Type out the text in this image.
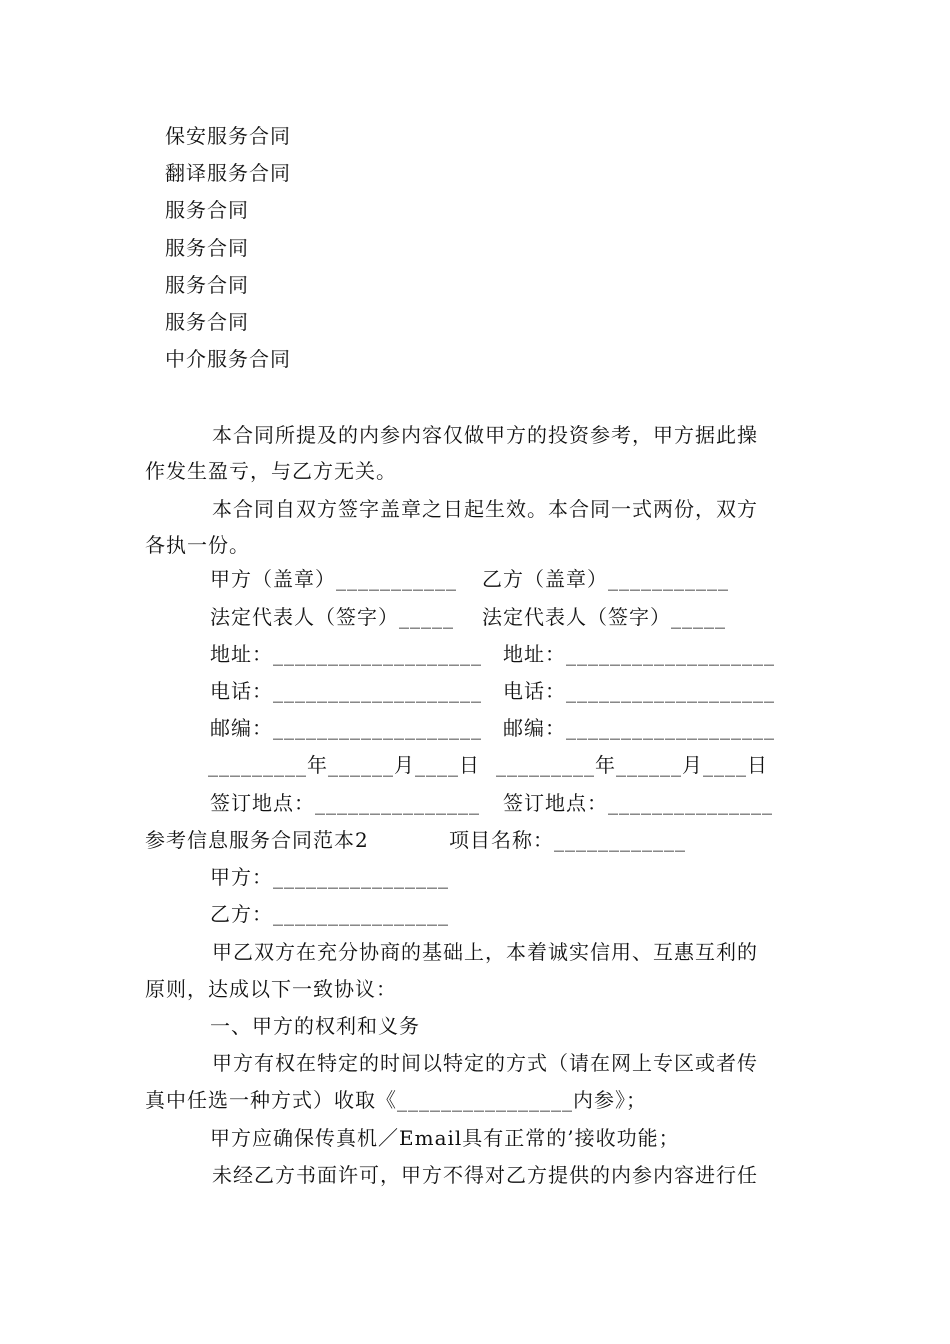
保安服务合同
翻译服务合同
服务合同
服务合同
服务合同
服务合同
中介服务合同
本合同所提及的内参内容仅做甲方的投资参考，甲方据此操
作发生盈亏，与乙方无关。
本合同自双方签字盖章之日起生效。本合同一式两份，双方
各执一份。
甲方（盖章）___________ 乙方（盖章）___________
法定代表人（签字）_____ 法定代表人（签字）_____
地址：___________________ 地址：___________________
电话：___________________ 电话：___________________
邮编：___________________ 邮编：___________________
_________年______月____日 _________年______月____日
签订地点：_______________ 签订地点：_______________
参考信息服务合同范本2	项目名称：____________
甲方：________________
乙方：________________
甲乙双方在充分协商的基础上，本着诚实信用、互惠互利的
原则，达成以下一致协议：
一、甲方的权利和义务
甲方有权在特定的时间以特定的方式（请在网上专区或者传
真中任选一种方式）收取《________________内参》；
甲方应确保传真机／Email具有正常的’接收功能；
未经乙方书面许可，甲方不得对乙方提供的内参内容进行任
